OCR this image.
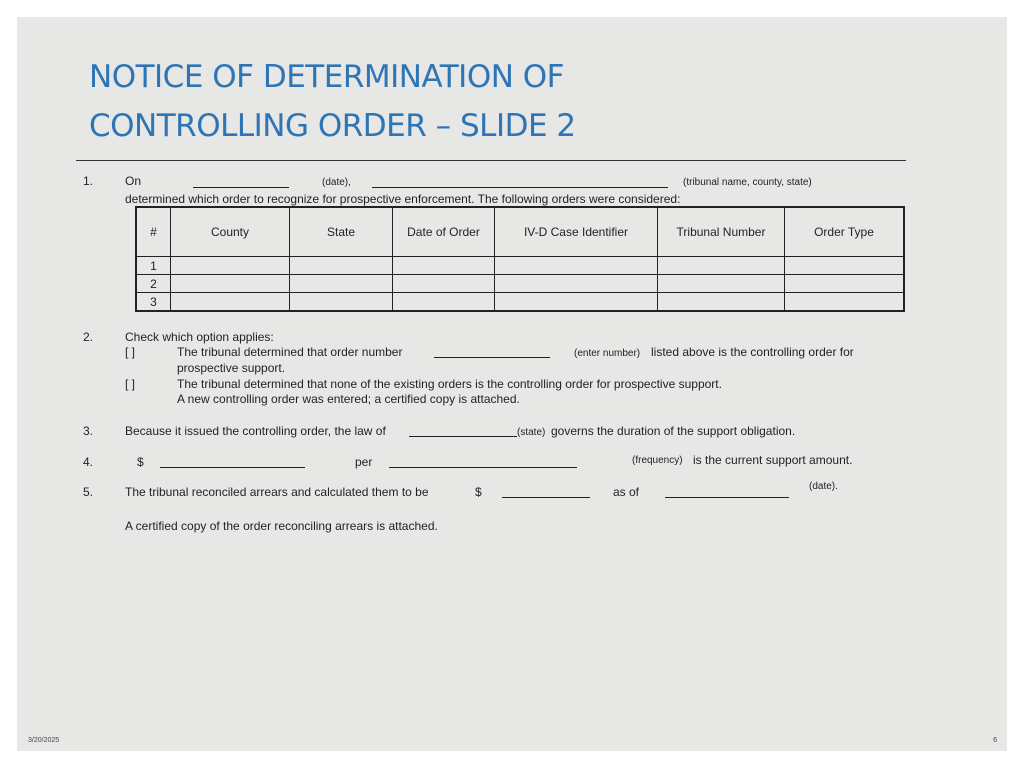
NOTICE OF DETERMINATION OF
CONTROLLING ORDER – SLIDE 2
1.	On	(date),	(tribunal name, county, state)
determined which order to recognize for prospective enforcement. The following orders were considered:
#	County	State	Date of Order	IV-D Case Identifier	Tribunal Number	Order Type
1						
2						
3						
2.	Check which option applies:
[ ]	The tribunal determined that order number	(enter number) listed above is the controlling order for
prospective support.
[ ]	The tribunal determined that none of the existing orders is the controlling order for prospective support.
A new controlling order was entered; a certified copy is attached.
3.	Because it issued the controlling order, the law of	(state) governs the duration of the support obligation.
4.	$	per	(frequency) is the current support amount.
5.	The tribunal reconciled arrears and calculated them to be	$	as of	(date).
A certified copy of the order reconciling arrears is attached.
3/20/2025	6
